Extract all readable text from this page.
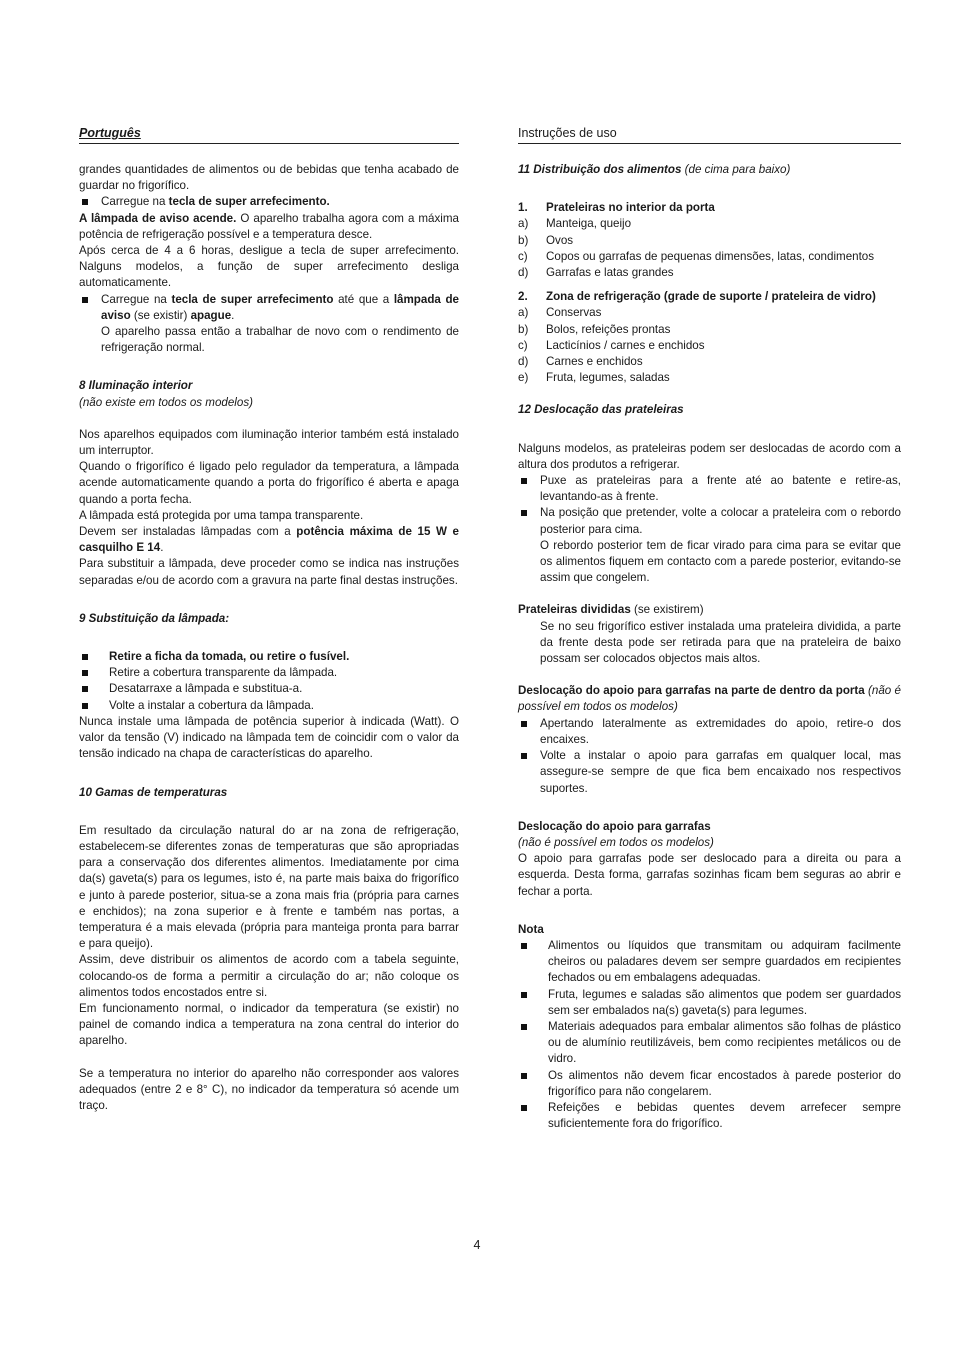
Português

grandes quantidades de alimentos ou de bebidas que tenha acabado de guardar no frigorífico.

Carregue na tecla de super arrefecimento.

A lâmpada de aviso acende. O aparelho trabalha agora com a máxima potência de refrigeração possível e a temperatura desce.

Após cerca de 4 a 6 horas, desligue a tecla de super arrefecimento. Nalguns modelos, a função de super arrefecimento desliga automaticamente.

Carregue na tecla de super arrefecimento até que a lâmpada de aviso (se existir) apague.

O aparelho passa então a trabalhar de novo com o rendimento de refrigeração normal.

8 Iluminação interior

(não existe em todos os modelos)

Nos aparelhos equipados com iluminação interior também está instalado um interruptor.

Quando o frigorífico é ligado pelo regulador da temperatura, a lâmpada acende automaticamente quando a porta do frigorífico é aberta e apaga quando a porta fecha.

A lâmpada está protegida por uma tampa transparente.

Devem ser instaladas lâmpadas com a potência máxima de 15 W e casquilho E 14.

Para substituir a lâmpada, deve proceder como se indica nas instruções separadas e/ou de acordo com a gravura na parte final destas instruções.

9 Substituição da lâmpada:

Retire a ficha da tomada, ou retire o fusível.
Retire a cobertura transparente da lâmpada.
Desatarraxe a lâmpada e substitua-a.
Volte a instalar a cobertura da lâmpada.

Nunca instale uma lâmpada de potência superior à indicada (Watt). O valor da tensão (V) indicado na lâmpada tem de coincidir com o valor da tensão indicado na chapa de características do aparelho.

10 Gamas de temperaturas

Em resultado da circulação natural do ar na zona de refrigeração, estabelecem-se diferentes zonas de temperaturas que são apropriadas para a conservação dos diferentes alimentos. Imediatamente por cima da(s) gaveta(s) para os legumes, isto é, na parte mais baixa do frigorífico e junto à parede posterior, situa-se a zona mais fria (própria para carnes e enchidos); na zona superior e à frente e também nas portas, a temperatura é a mais elevada (própria para manteiga pronta para barrar e para queijo).

Assim, deve distribuir os alimentos de acordo com a tabela seguinte, colocando-os de forma a permitir a circulação do ar; não coloque os alimentos todos encostados entre si.

Em funcionamento normal, o indicador da temperatura (se existir) no painel de comando indica a temperatura na zona central do interior do aparelho.

Se a temperatura no interior do aparelho não corresponder aos valores adequados (entre 2 e 8° C), no indicador da temperatura só acende um traço.

Instruções de uso

11 Distribuição dos alimentos (de cima para baixo)

1. Prateleiras no interior da porta

a) Manteiga, queijo

b) Ovos

c) Copos ou garrafas de pequenas dimensões, latas, condimentos

d) Garrafas e latas grandes

2. Zona de refrigeração (grade de suporte / prateleira de vidro)

a) Conservas

b) Bolos, refeições prontas

c) Lacticínios / carnes e enchidos

d) Carnes e enchidos

e) Fruta, legumes, saladas

12 Deslocação das prateleiras

Nalguns modelos, as prateleiras podem ser deslocadas de acordo com a altura dos produtos a refrigerar.

Puxe as prateleiras para a frente até ao batente e retire-as, levantando-as à frente.
Na posição que pretender, volte a colocar a prateleira com o rebordo posterior para cima.

O rebordo posterior tem de ficar virado para cima para se evitar que os alimentos fiquem em contacto com a parede posterior, evitando-se assim que congelem.

Prateleiras divididas (se existirem)

Se no seu frigorífico estiver instalada uma prateleira dividida, a parte da frente desta pode ser retirada para que na prateleira de baixo possam ser colocados objectos mais altos.

Deslocação do apoio para garrafas na parte de dentro da porta (não é possível em todos os modelos)

Apertando lateralmente as extremidades do apoio, retire-o dos encaixes.
Volte a instalar o apoio para garrafas em qualquer local, mas assegure-se sempre de que fica bem encaixado nos respectivos suportes.

Deslocação do apoio para garrafas

(não é possível em todos os modelos)

O apoio para garrafas pode ser deslocado para a direita ou para a esquerda. Desta forma, garrafas sozinhas ficam bem seguras ao abrir e fechar a porta.

Nota

Alimentos ou líquidos que transmitam ou adquiram facilmente cheiros ou paladares devem ser sempre guardados em recipientes fechados ou em embalagens adequadas.
Fruta, legumes e saladas são alimentos que podem ser guardados sem ser embalados na(s) gaveta(s) para legumes.
Materiais adequados para embalar alimentos são folhas de plástico ou de alumínio reutilizáveis, bem como recipientes metálicos ou de vidro.
Os alimentos não devem ficar encostados à parede posterior do frigorífico para não congelarem.
Refeições e bebidas quentes devem arrefecer sempre suficientemente fora do frigorífico.
4
